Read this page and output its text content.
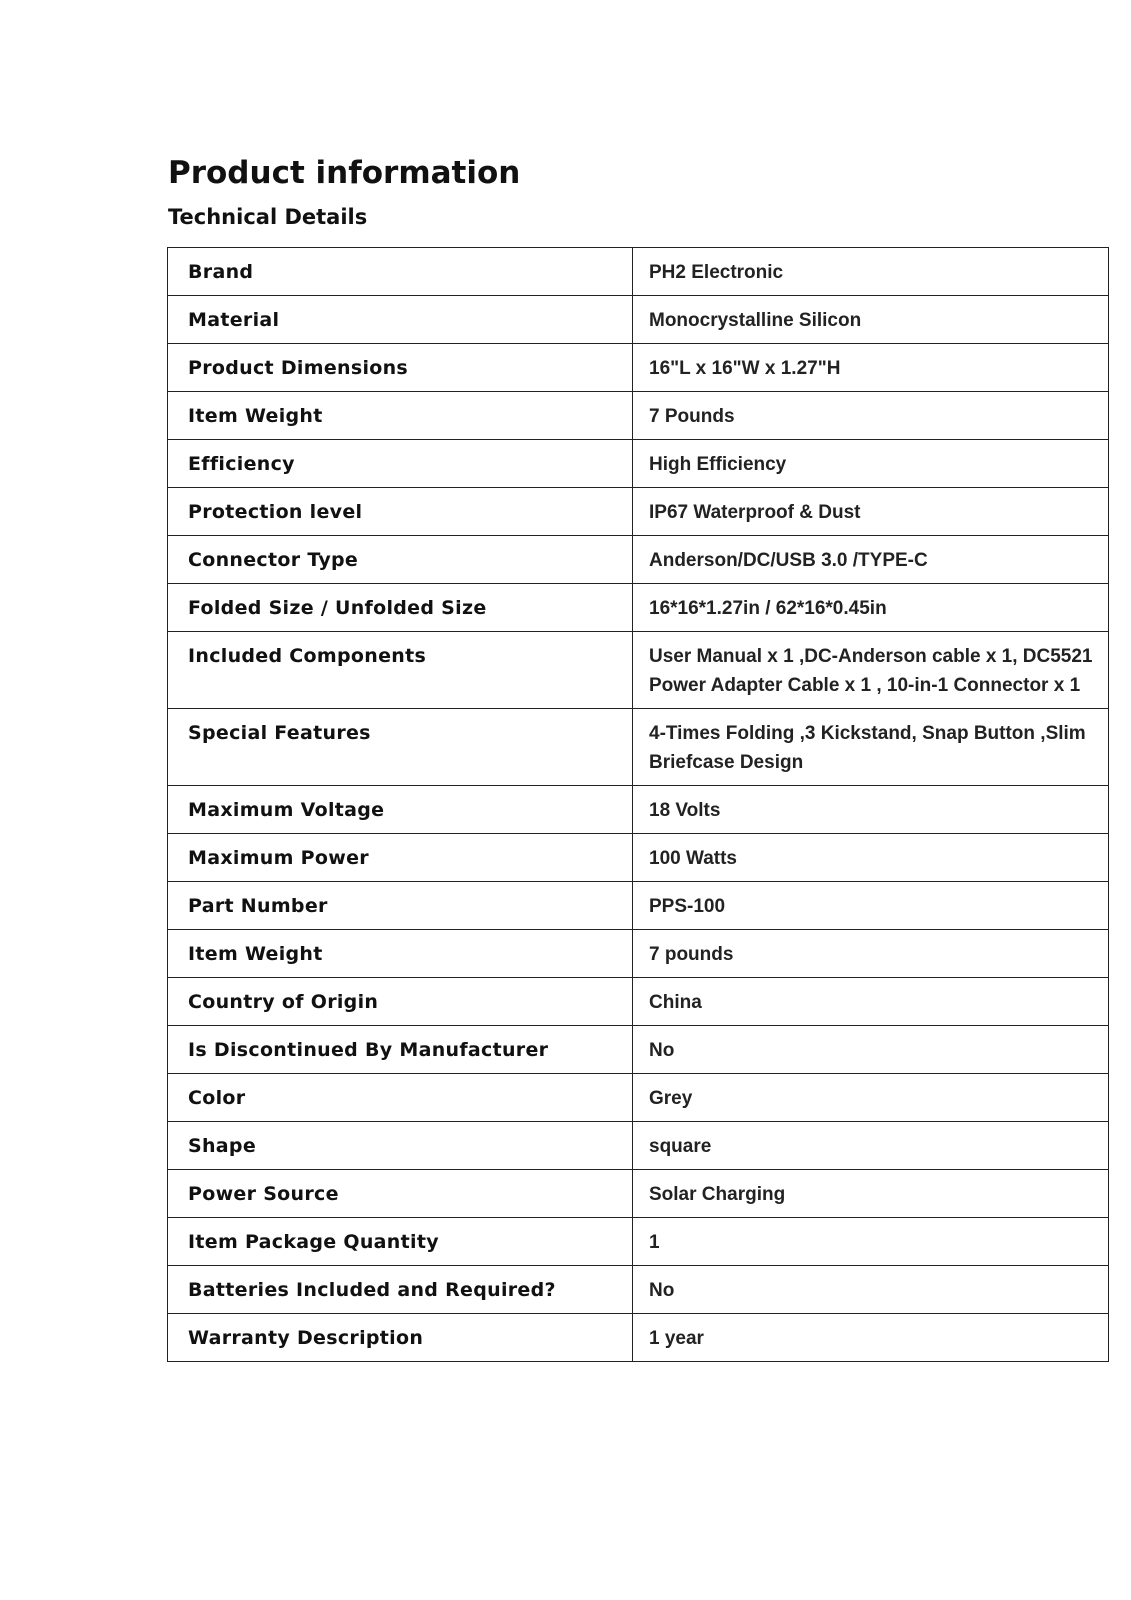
Product information
Technical Details
Brand	PH2 Electronic
Material	Monocrystalline Silicon
Product Dimensions	16"L x 16"W x 1.27"H
Item Weight	7 Pounds
Efficiency	High Efficiency
Protection level	IP67 Waterproof & Dust
Connector Type	Anderson/DC/USB 3.0 /TYPE-C
Folded Size / Unfolded Size	16*16*1.27in / 62*16*0.45in
Included Components	User Manual x 1 ,DC-Anderson cable x 1, DC5521 Power Adapter Cable x 1 , 10-in-1 Connector x 1
Special Features	4-Times Folding ,3 Kickstand, Snap Button ,Slim Briefcase Design
Maximum Voltage	18 Volts
Maximum Power	100 Watts
Part Number	PPS-100
Item Weight	7 pounds
Country of Origin	China
Is Discontinued By Manufacturer	No
Color	Grey
Shape	square
Power Source	Solar Charging
Item Package Quantity	1
Batteries Included and Required?	No
Warranty Description	1 year
